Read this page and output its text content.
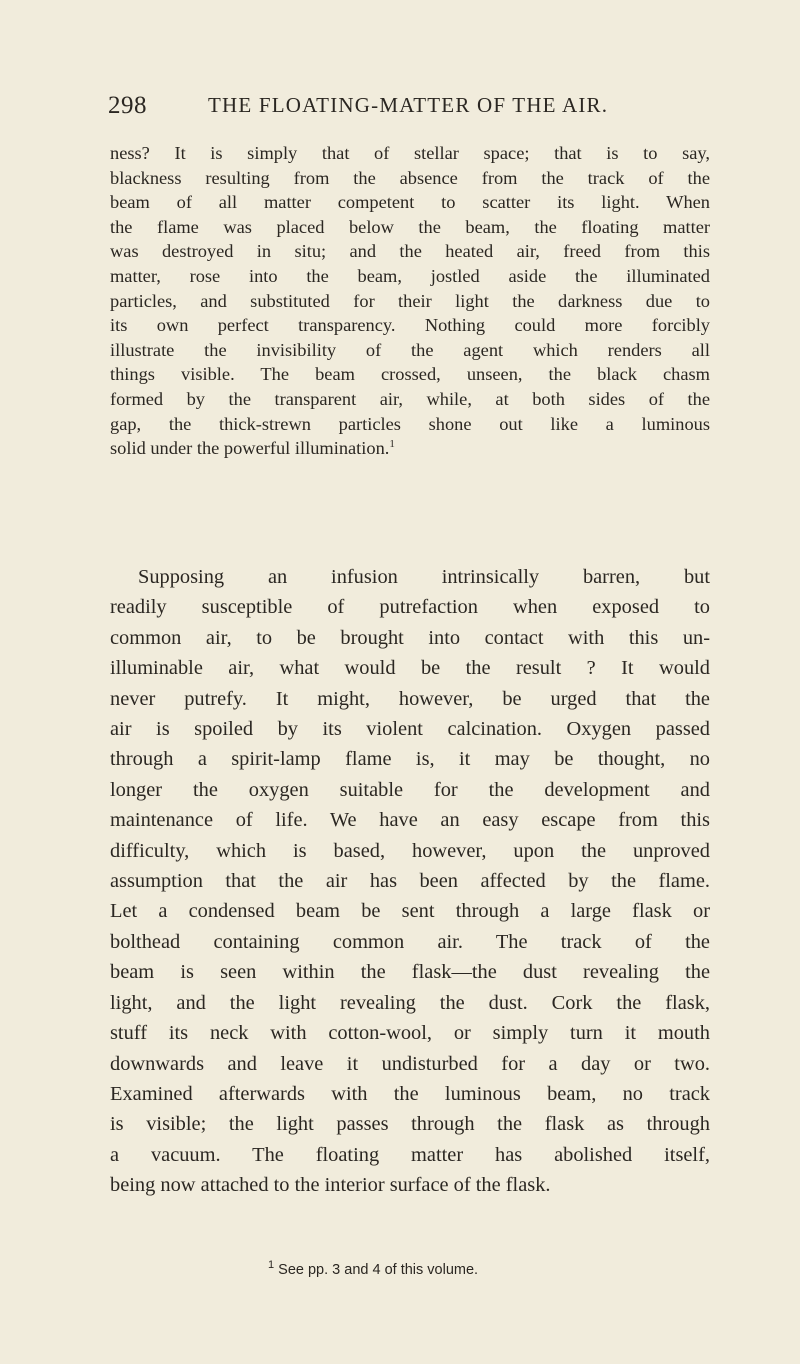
298	THE FLOATING-MATTER OF THE AIR.

ness? It is simply that of stellar space; that is to say,
blackness resulting from the absence from the track of the
beam of all matter competent to scatter its light. When
the flame was placed below the beam, the floating matter
was destroyed in situ; and the heated air, freed from this
matter, rose into the beam, jostled aside the illuminated
particles, and substituted for their light the darkness due to
its own perfect transparency. Nothing could more forcibly
illustrate the invisibility of the agent which renders all
things visible. The beam crossed, unseen, the black chasm
formed by the transparent air, while, at both sides of the
gap, the thick-strewn particles shone out like a luminous
solid under the powerful illumination.$^1$

Supposing an infusion intrinsically barren, but
readily susceptible of putrefaction when exposed to
common air, to be brought into contact with this un-
illuminable air, what would be the result ? It would
never putrefy. It might, however, be urged that the
air is spoiled by its violent calcination. Oxygen passed
through a spirit-lamp flame is, it may be thought, no
longer the oxygen suitable for the development and
maintenance of life. We have an easy escape from this
difficulty, which is based, however, upon the unproved
assumption that the air has been affected by the flame.
Let a condensed beam be sent through a large flask or
bolthead containing common air. The track of the
beam is seen within the flask—the dust revealing the
light, and the light revealing the dust. Cork the flask,
stuff its neck with cotton-wool, or simply turn it mouth
downwards and leave it undisturbed for a day or two.
Examined afterwards with the luminous beam, no track
is visible; the light passes through the flask as through
a vacuum. The floating matter has abolished itself,
being now attached to the interior surface of the flask.

$^1$ See pp. 3 and 4 of this volume.
